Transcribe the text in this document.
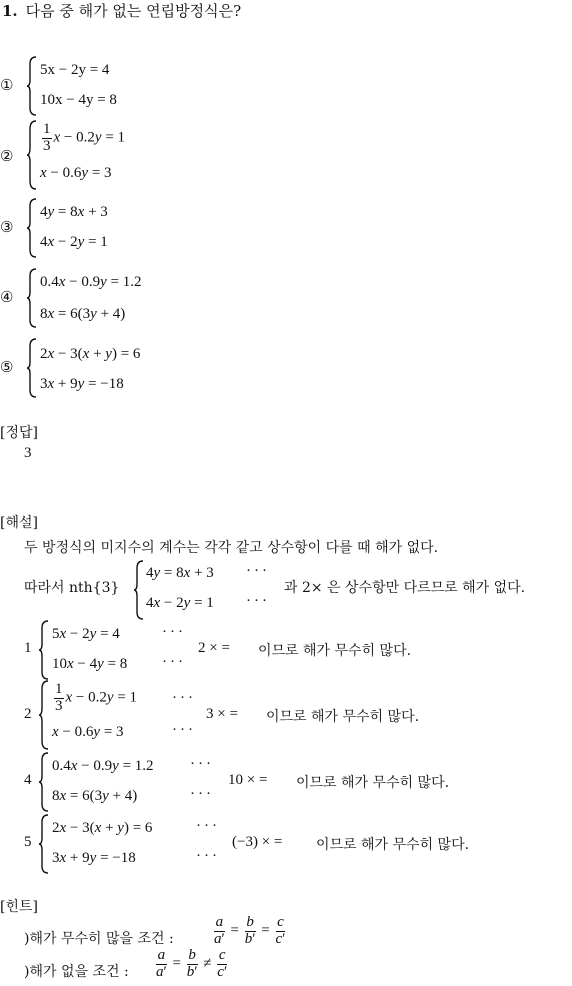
1. 다음 중 해가 없는 연립방정식은?
①
5x − 2y = 4
10x − 4y = 8
②
$\frac{1}{3}$ x − 0.2y = 1
x − 0.6y = 3
③
4y = 8x + 3
4x − 2y = 1
④
0.4x − 0.9y = 1.2
8x = 6(3y + 4)
⑤
2x − 3(x + y) = 6
3x + 9y = −18
[정답]
3
[해설]
두 방정식의 미지수의 계수는 각각 같고 상수항이 다를 때 해가 없다.
따라서 nth{3}
4y = 8x + 3 ···
4x − 2y = 1 ···
과 2× 은 상수항만 다르므로 해가 없다.
1
5x − 2y = 4	···
10x − 4y = 8 ···
2 × = 이므로 해가 무수히 많다.
$2 \frac{1}{3}$ x − 0.2y = 1 ···
x − 0.6y = 3	···
3 × = 이므로 해가 무수히 많다.
4
0.4x − 0.9y = 1.2 ···
8x = 6(3y + 4)	···
10 × = 이므로 해가 무수히 많다.
5
2x − 3(x + y) = 6	···
3x + 9y = −18	···
(−3) × = 이므로 해가 무수히 많다.
[힌트]
)해가 무수히 많을 조건 :	$\frac{a}{a'} = \frac{b}{b'} = \frac{c}{c'}$
)해가 없을 조건 : $\frac{a}{a'} = \frac{b}{b'} \ne \frac{c}{c'}$
